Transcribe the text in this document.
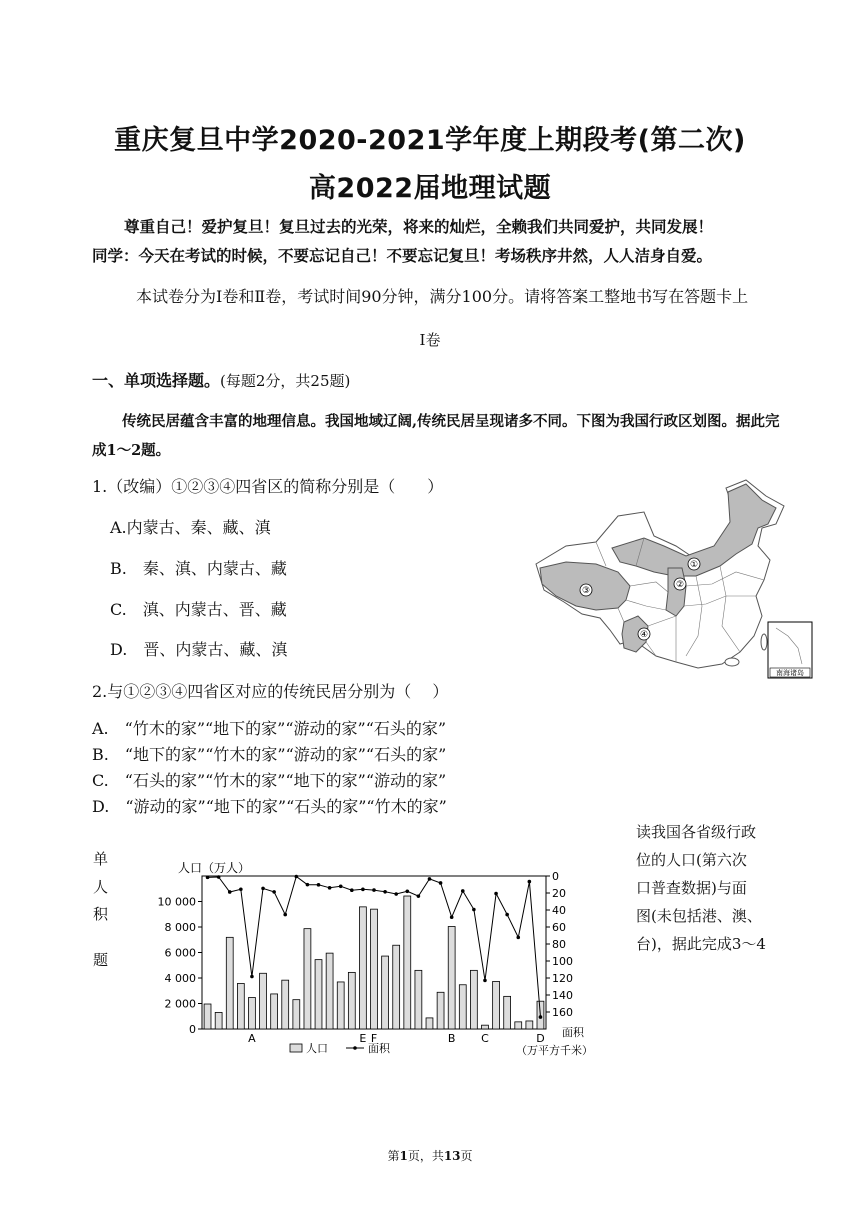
重庆复旦中学2020-2021学年度上期段考(第二次)
高2022届地理试题
尊重自己！爱护复旦！复旦过去的光荣，将来的灿烂，全赖我们共同爱护，共同发展！
同学：今天在考试的时候，不要忘记自己！不要忘记复旦！考场秩序井然，人人洁身自爱。
本试卷分为Ⅰ卷和Ⅱ卷，考试时间90分钟，满分100分。请将答案工整地书写在答题卡上
Ⅰ卷
一、单项选择题。(每题2分，共25题)
传统民居蕴含丰富的地理信息。我国地域辽阔,传统民居呈现诸多不同。下图为我国行政区划图。据此完成1～2题。
1.（改编）①②③④四省区的简称分别是（　　）
A.内蒙古、秦、藏、滇
B.　秦、滇、内蒙古、藏
C.　滇、内蒙古、晋、藏
D.　晋、内蒙古、藏、滇
①
②
③
④
南海诸岛
2.与①②③④四省区对应的传统民居分别为（　 ）
A.　“竹木的家”“地下的家”“游动的家”“石头的家”
B.　“地下的家”“竹木的家”“游动的家”“石头的家”
C.　“石头的家”“竹木的家”“地下的家”“游动的家”
D.　“游动的家”“地下的家”“石头的家”“竹木的家”
读我国各省级行政
位的人口(第六次
口普查数据)与面
图(未包括港、澳、
台)，据此完成3～4
单
人
积
题
人口（万人）
0
2 000
4 000
6 000
8 000
10 000
0
20
40
60
80
100
120
140
160
A	E F	B C	D 面积
（万平方千米）
人口	面积
第1页，共13页
